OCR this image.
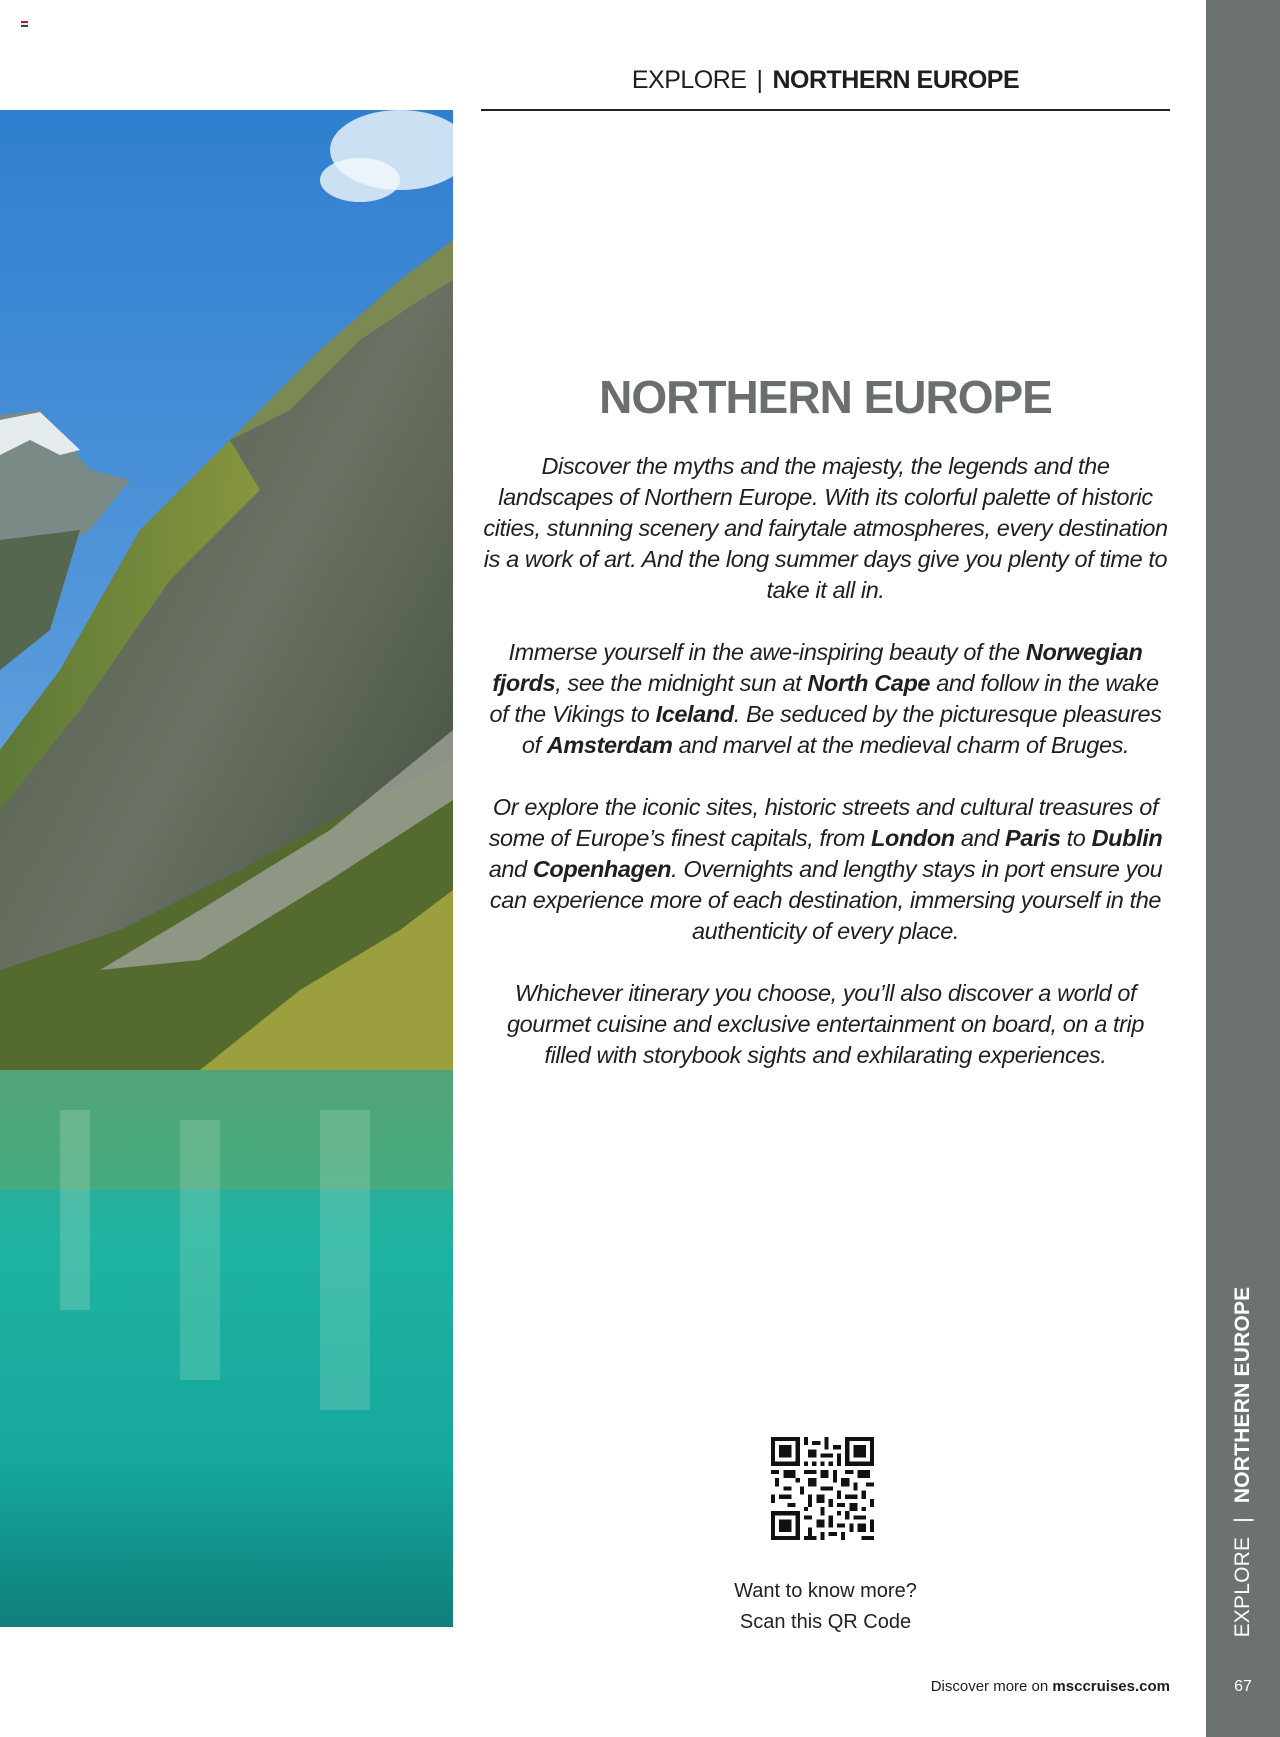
EXPLORE | NORTHERN EUROPE
NORTHERN EUROPE

Discover the myths and the majesty, the legends and the landscapes of Northern Europe. With its colorful palette of historic cities, stunning scenery and fairytale atmospheres, every destination is a work of art. And the long summer days give you plenty of time to take it all in.

Immerse yourself in the awe-inspiring beauty of the Norwegian fjords, see the midnight sun at North Cape and follow in the wake of the Vikings to Iceland. Be seduced by the picturesque pleasures of Amsterdam and marvel at the medieval charm of Bruges.

Or explore the iconic sites, historic streets and cultural treasures of some of Europe’s finest capitals, from London and Paris to Dublin and Copenhagen. Overnights and lengthy stays in port ensure you can experience more of each destination, immersing yourself in the authenticity of every place.

Whichever itinerary you choose, you’ll also discover a world of gourmet cuisine and exclusive entertainment on board, on a trip filled with storybook sights and exhilarating experiences.

Want to know more?
Scan this QR Code
Discover more on msccruises.com
EXPLORE|NORTHERN EUROPE
67
